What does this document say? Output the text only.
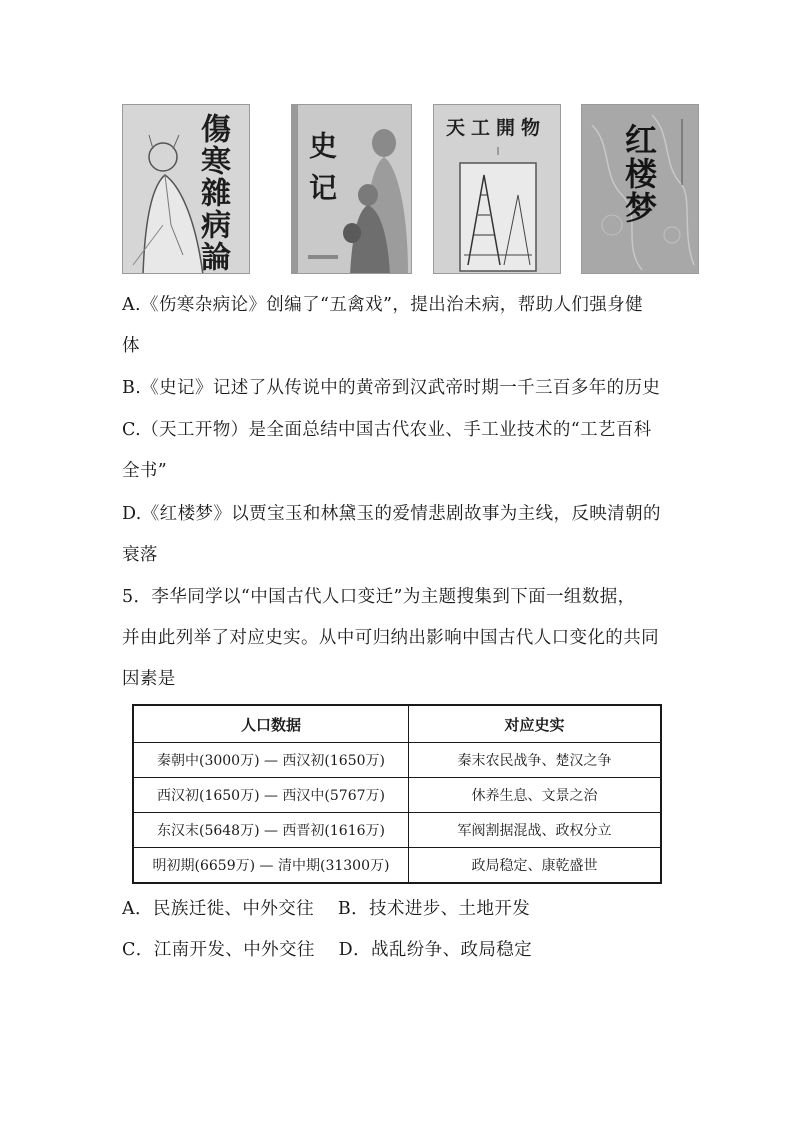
傷寒雜病論	史记
天工開物 红楼梦
A.《伤寒杂病论》创编了“五禽戏”，提出治未病，帮助人们强身健
体
B.《史记》记述了从传说中的黄帝到汉武帝时期一千三百多年的历史
C.（天工开物）是全面总结中国古代农业、手工业技术的“工艺百科
全书”
D.《红楼梦》以贾宝玉和林黛玉的爱情悲剧故事为主线，反映清朝的
衰落
5．李华同学以“中国古代人口变迁”为主题搜集到下面一组数据，
并由此列举了对应史实。从中可归纳出影响中国古代人口变化的共同
因素是
人口数据	对应史实
秦朝中(3000万) — 西汉初(1650万)	秦末农民战争、楚汉之争
西汉初(1650万) — 西汉中(5767万)	休养生息、文景之治
东汉末(5648万) — 西晋初(1616万)	军阀割据混战、政权分立
明初期(6659万) — 清中期(31300万)	政局稳定、康乾盛世
A．民族迁徙、中外交往　 B．技术进步、土地开发
C．江南开发、中外交往　 D．战乱纷争、政局稳定
